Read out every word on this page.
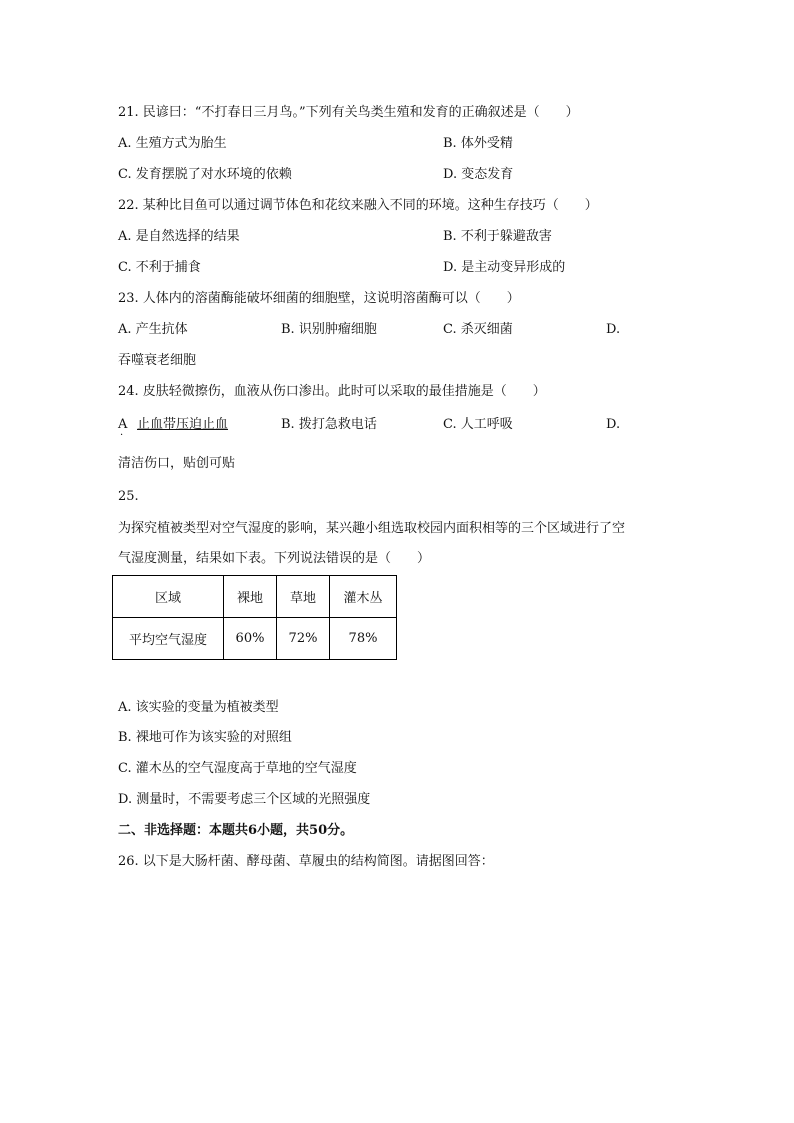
21. 民谚曰：“不打春日三月鸟。”下列有关鸟类生殖和发育的正确叙述是（　　）
A. 生殖方式为胎生	B. 体外受精
C. 发育摆脱了对水环境的依赖	D. 变态发育
22. 某种比目鱼可以通过调节体色和花纹来融入不同的环境。这种生存技巧（　　）
A. 是自然选择的结果	B. 不利于躲避敌害
C. 不利于捕食	D. 是主动变异形成的
23. 人体内的溶菌酶能破坏细菌的细胞壁，这说明溶菌酶可以（　　）
A. 产生抗体	B. 识别肿瘤细胞	C. 杀灭细菌	D.
吞噬衰老细胞
24. 皮肤轻微擦伤，血液从伤口渗出。此时可以采取的最佳措施是（　　）
A
·
止血带压迫止血	B. 拨打急救电话	C. 人工呼吸	D.
清洁伤口，贴创可贴
25.
为探究植被类型对空气湿度的影响，某兴趣小组选取校园内面积相等的三个区域进行了空
气湿度测量，结果如下表。下列说法错误的是（　　）
区域	裸地	草地	灌木丛
平均空气湿度	60%	72%	78%
A. 该实验的变量为植被类型
B. 裸地可作为该实验的对照组
C. 灌木丛的空气湿度高于草地的空气湿度
D. 测量时，不需要考虑三个区域的光照强度
二、非选择题：本题共6小题，共50分。
26. 以下是大肠杆菌、酵母菌、草履虫的结构简图。请据图回答：
